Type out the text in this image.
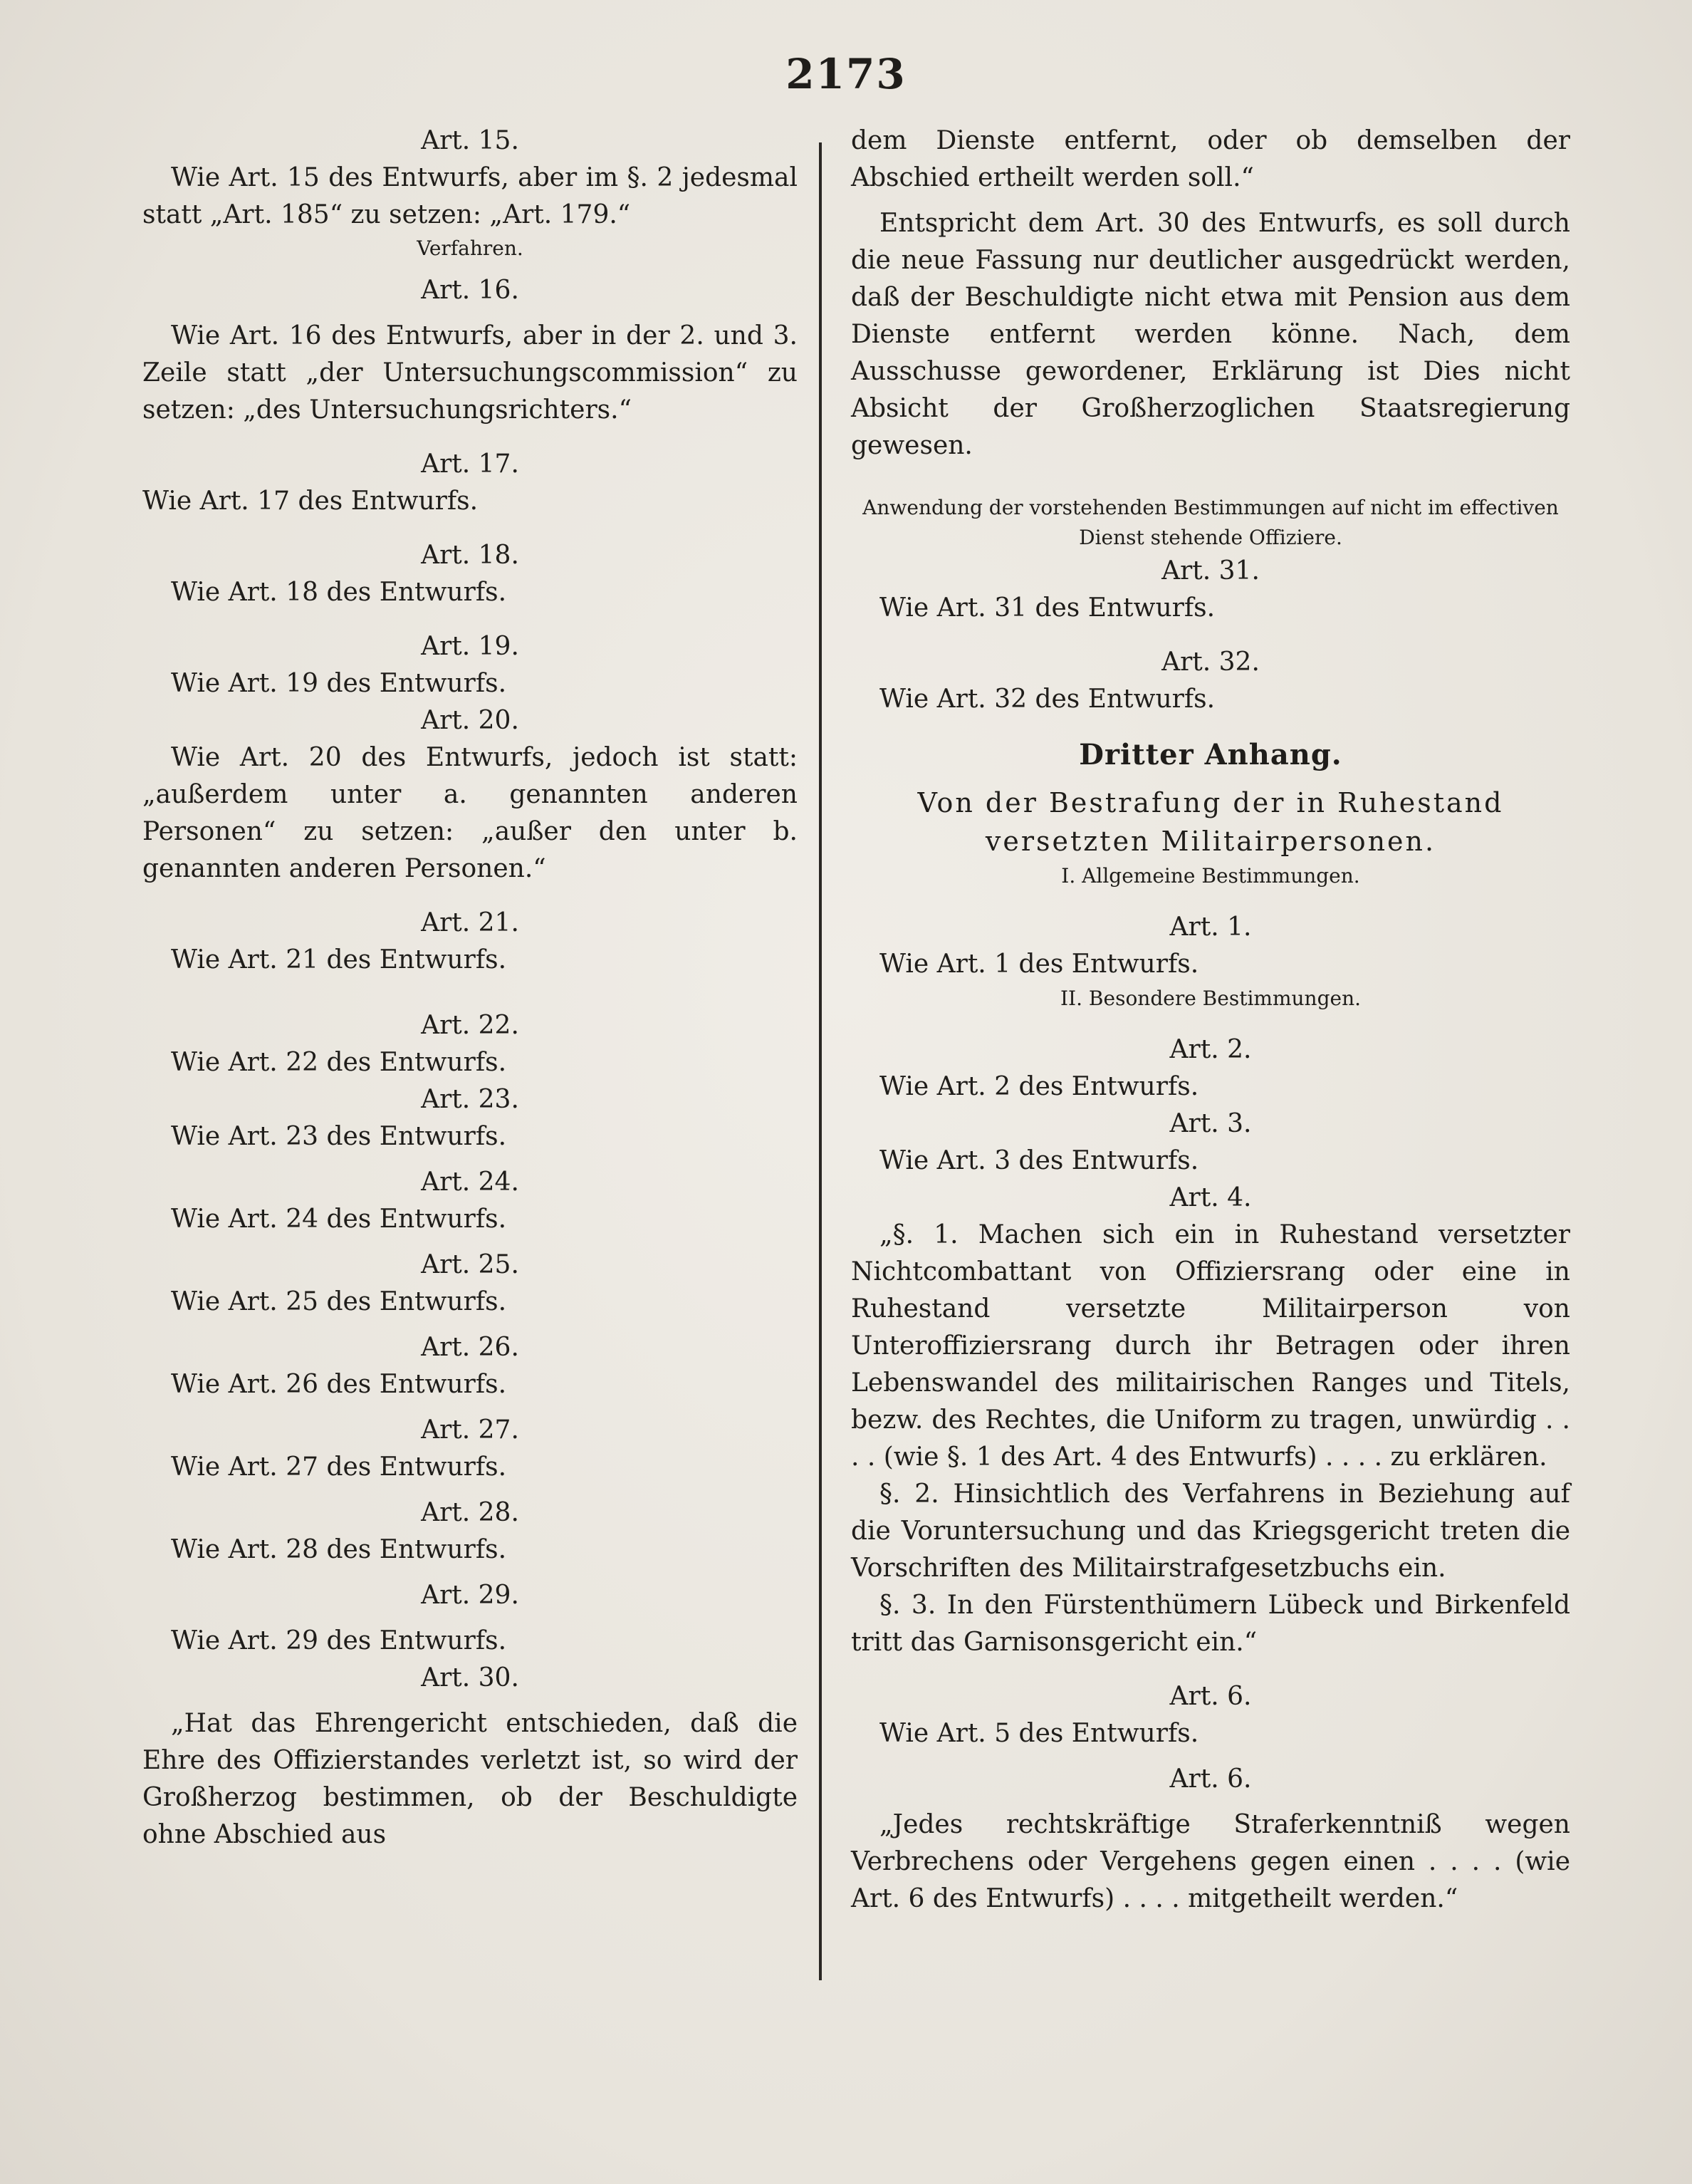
2173

Art. 15.

Wie Art. 15 des Entwurfs, aber im §. 2 jedesmal statt „Art. 185“ zu setzen: „Art. 179.“

Verfahren.

Art. 16.

Wie Art. 16 des Entwurfs, aber in der 2. und 3. Zeile statt „der Untersuchungscommission“ zu setzen: „des Untersuchungsrichters.“

Art. 17.

Wie Art. 17 des Entwurfs.

Art. 18.

Wie Art. 18 des Entwurfs.

Art. 19.

Wie Art. 19 des Entwurfs.

Art. 20.

Wie Art. 20 des Entwurfs, jedoch ist statt: „außerdem unter a. genannten anderen Personen“ zu setzen: „außer den unter b. genannten anderen Personen.“

Art. 21.

Wie Art. 21 des Entwurfs.

Art. 22.

Wie Art. 22 des Entwurfs.

Art. 23.

Wie Art. 23 des Entwurfs.

Art. 24.

Wie Art. 24 des Entwurfs.

Art. 25.

Wie Art. 25 des Entwurfs.

Art. 26.

Wie Art. 26 des Entwurfs.

Art. 27.

Wie Art. 27 des Entwurfs.

Art. 28.

Wie Art. 28 des Entwurfs.

Art. 29.

Wie Art. 29 des Entwurfs.

Art. 30.

„Hat das Ehrengericht entschieden, daß die Ehre des Offizierstandes verletzt ist, so wird der Großherzog bestimmen, ob der Beschuldigte ohne Abschied aus

dem Dienste entfernt, oder ob demselben der Abschied ertheilt werden soll.“

Entspricht dem Art. 30 des Entwurfs, es soll durch die neue Fassung nur deutlicher ausgedrückt werden, daß der Beschuldigte nicht etwa mit Pension aus dem Dienste entfernt werden könne. Nach, dem Ausschusse gewordener, Erklärung ist Dies nicht Absicht der Großherzoglichen Staatsregierung gewesen.

Anwendung der vorstehenden Bestimmungen auf nicht im effectiven Dienst stehende Offiziere.

Art. 31.

Wie Art. 31 des Entwurfs.

Art. 32.

Wie Art. 32 des Entwurfs.

Dritter Anhang.

Von der Bestrafung der in Ruhestand versetzten Militairpersonen.

I. Allgemeine Bestimmungen.

Art. 1.

Wie Art. 1 des Entwurfs.

II. Besondere Bestimmungen.

Art. 2.

Wie Art. 2 des Entwurfs.

Art. 3.

Wie Art. 3 des Entwurfs.

Art. 4.

„§. 1. Machen sich ein in Ruhestand versetzter Nichtcombattant von Offiziersrang oder eine in Ruhestand versetzte Militairperson von Unteroffiziersrang durch ihr Betragen oder ihren Lebenswandel des militairischen Ranges und Titels, bezw. des Rechtes, die Uniform zu tragen, unwürdig . . . . (wie §. 1 des Art. 4 des Entwurfs) . . . . zu erklären.

§. 2. Hinsichtlich des Verfahrens in Beziehung auf die Voruntersuchung und das Kriegsgericht treten die Vorschriften des Militairstrafgesetzbuchs ein.

§. 3. In den Fürstenthümern Lübeck und Birkenfeld tritt das Garnisonsgericht ein.“

Art. 6.

Wie Art. 5 des Entwurfs.

Art. 6.

„Jedes rechtskräftige Straferkenntniß wegen Verbrechens oder Vergehens gegen einen . . . . (wie Art. 6 des Entwurfs) . . . . mitgetheilt werden.“
